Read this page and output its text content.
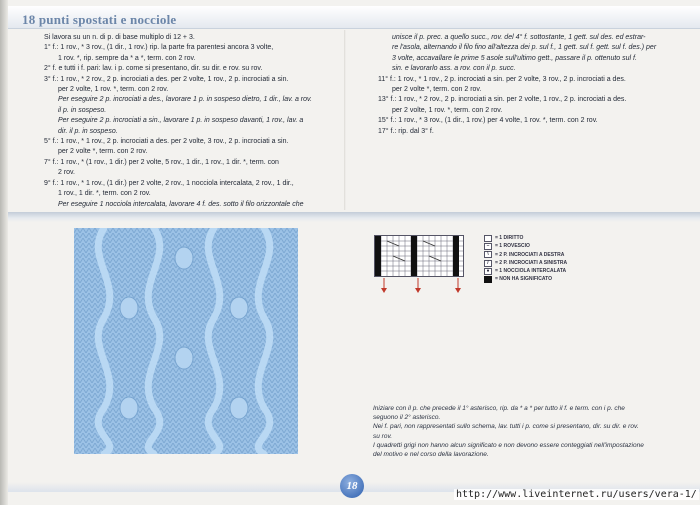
18 punti spostati e nocciole

Si lavora su un n. di p. di base multiplo di 12 + 3.

1° f.: 1 rov., * 3 rov., (1 dir., 1 rov.) rip. la parte fra parentesi ancora 3 volte,

1 rov. *, rip. sempre da * a *, term. con 2 rov.

2° f. e tutti i f. pari: lav. i p. come si presentano, dir. su dir. e rov. su rov.

3° f.: 1 rov., * 2 rov., 2 p. incrociati a des. per 2 volte, 1 rov., 2 p. incrociati a sin.

per 2 volte, 1 rov. *, term. con 2 rov.

Per eseguire 2 p. incrociati a des., lavorare 1 p. in sospeso dietro, 1 dir., lav. a rov.

il p. in sospeso.

Per eseguire 2 p. incrociati a sin., lavorare 1 p. in sospeso davanti, 1 rov., lav. a

dir. il p. in sospeso.

5° f.: 1 rov., * 1 rov., 2 p. incrociati a des. per 2 volte, 3 rov., 2 p. incrociati a sin.

per 2 volte *, term. con 2 rov.

7° f.: 1 rov., * (1 rov., 1 dir.) per 2 volte, 5 rov., 1 dir., 1 rov., 1 dir. *, term. con

2 rov.

9° f.: 1 rov., * 1 rov., (1 dir.) per 2 volte, 2 rov., 1 nocciola intercalata, 2 rov., 1 dir.,

1 rov., 1 dir. *, term. con 2 rov.

Per eseguire 1 nocciola intercalata, lavorare 4 f. des. sotto il filo orizzontale che

unisce il p. prec. a quello succ., rov. del 4° f. sottostante, 1 gett. sul des. ed estrar-

re l'asola, alternando il filo fino all'altezza dei p. sul f., 1 gett. sul f. gett. sul f. des.) per

3 volte, accavallare le prime 5 asole sull'ultimo gett., passare il p. ottenuto sul f.

sin. e lavorarlo ass. a rov. con il p. succ.

11° f.: 1 rov., * 1 rov., 2 p. incrociati a sin. per 2 volte, 3 rov., 2 p. incrociati a des.

per 2 volte *, term. con 2 rov.

13° f.: 1 rov., * 2 rov., 2 p. incrociati a sin. per 2 volte, 1 rov., 2 p. incrociati a des.

per 2 volte, 1 rov. *, term. con 2 rov.

15° f.: 1 rov., * 3 rov., (1 dir., 1 rov.) per 4 volte, 1 rov. *, term. con 2 rov.

17° f.: rip. dal 3° f.

= 1 DIRITTO
–	= 1 ROVESCIO
\	= 2 P. INCROCIATI A DESTRA
/	= 2 P. INCROCIATI A SINISTRA
●	= 1 NOCCIOLA INTERCALATA
= NON HA SIGNIFICATO

Iniziare con il p. che precede il 1° asterisco, rip. da * a * per tutto il f. e term. con i p. che

seguono il 2° asterisco.

Nei f. pari, non rappresentati sullo schema, lav. tutti i p. come si presentano, dir. su dir. e rov.

su rov.

I quadretti grigi non hanno alcun significato e non devono essere conteggiati nell'impostazione

del motivo e nel corso della lavorazione.

18
http://www.liveinternet.ru/users/vera-1/
